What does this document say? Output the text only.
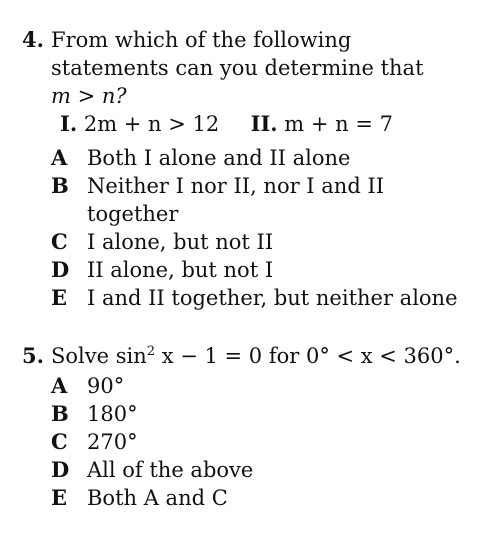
4. From which of the following
statements can you determine that
m > n?
I. 2m + n > 12 II. m + n = 7
A Both I alone and II alone
B Neither I nor II, nor I and II together
C I alone, but not II
D II alone, but not I
E I and II together, but neither alone
5. Solve $\sin^2 x - 1 = 0$ for 0° < x < 360°.
A 90°
B 180°
C 270°
D All of the above
E Both A and C
